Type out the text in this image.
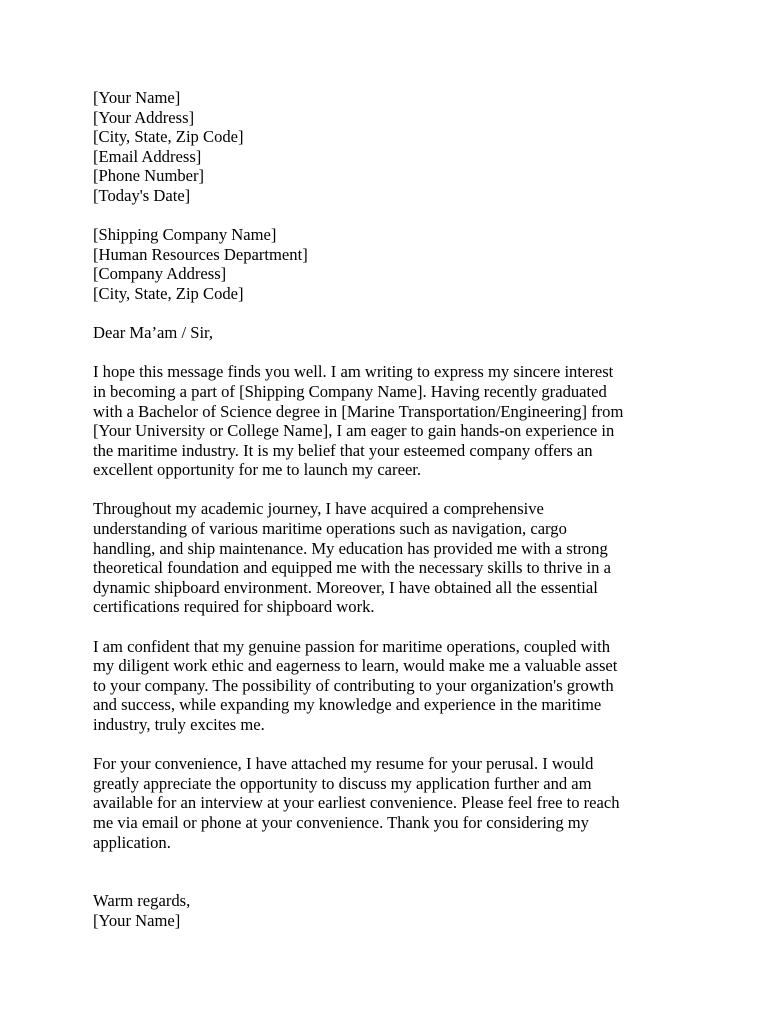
[Your Name]
[Your Address]
[City, State, Zip Code]
[Email Address]
[Phone Number]
[Today's Date]
[Shipping Company Name]
[Human Resources Department]
[Company Address]
[City, State, Zip Code]
Dear Ma’am / Sir,

I hope this message finds you well. I am writing to express my sincere interest
in becoming a part of [Shipping Company Name]. Having recently graduated
with a Bachelor of Science degree in [Marine Transportation/Engineering] from
[Your University or College Name], I am eager to gain hands-on experience in
the maritime industry. It is my belief that your esteemed company offers an
excellent opportunity for me to launch my career.

Throughout my academic journey, I have acquired a comprehensive
understanding of various maritime operations such as navigation, cargo
handling, and ship maintenance. My education has provided me with a strong
theoretical foundation and equipped me with the necessary skills to thrive in a
dynamic shipboard environment. Moreover, I have obtained all the essential
certifications required for shipboard work.

I am confident that my genuine passion for maritime operations, coupled with
my diligent work ethic and eagerness to learn, would make me a valuable asset
to your company. The possibility of contributing to your organization's growth
and success, while expanding my knowledge and experience in the maritime
industry, truly excites me.

For your convenience, I have attached my resume for your perusal. I would
greatly appreciate the opportunity to discuss my application further and am
available for an interview at your earliest convenience. Please feel free to reach
me via email or phone at your convenience. Thank you for considering my
application.

Warm regards,
[Your Name]
